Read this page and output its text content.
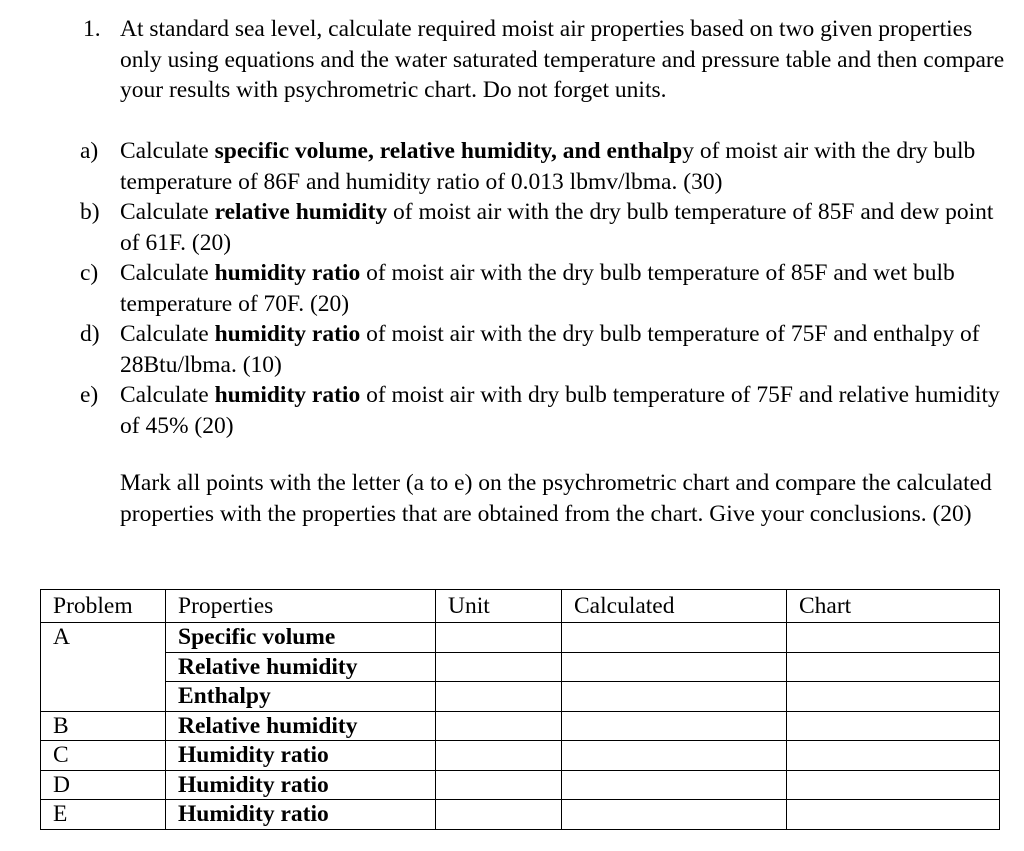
1. At standard sea level, calculate required moist air properties based on two given properties only using equations and the water saturated temperature and pressure table and then compare your results with psychrometric chart. Do not forget units.

a) Calculate specific volume, relative humidity, and enthalpy of moist air with the dry bulb temperature of 86F and humidity ratio of 0.013 lbmv/lbma. (30)

b) Calculate relative humidity of moist air with the dry bulb temperature of 85F and dew point of 61F. (20)

c) Calculate humidity ratio of moist air with the dry bulb temperature of 85F and wet bulb temperature of 70F. (20)

d) Calculate humidity ratio of moist air with the dry bulb temperature of 75F and enthalpy of 28Btu/lbma. (10)

e) Calculate humidity ratio of moist air with dry bulb temperature of 75F and relative humidity of 45% (20)

Mark all points with the letter (a to e) on the psychrometric chart and compare the calculated properties with the properties that are obtained from the chart. Give your conclusions. (20)
Problem	Properties	Unit	Calculated	Chart
A	Specific volume			
	Relative humidity			
	Enthalpy			
B	Relative humidity			
C	Humidity ratio			
D	Humidity ratio			
E	Humidity ratio			
